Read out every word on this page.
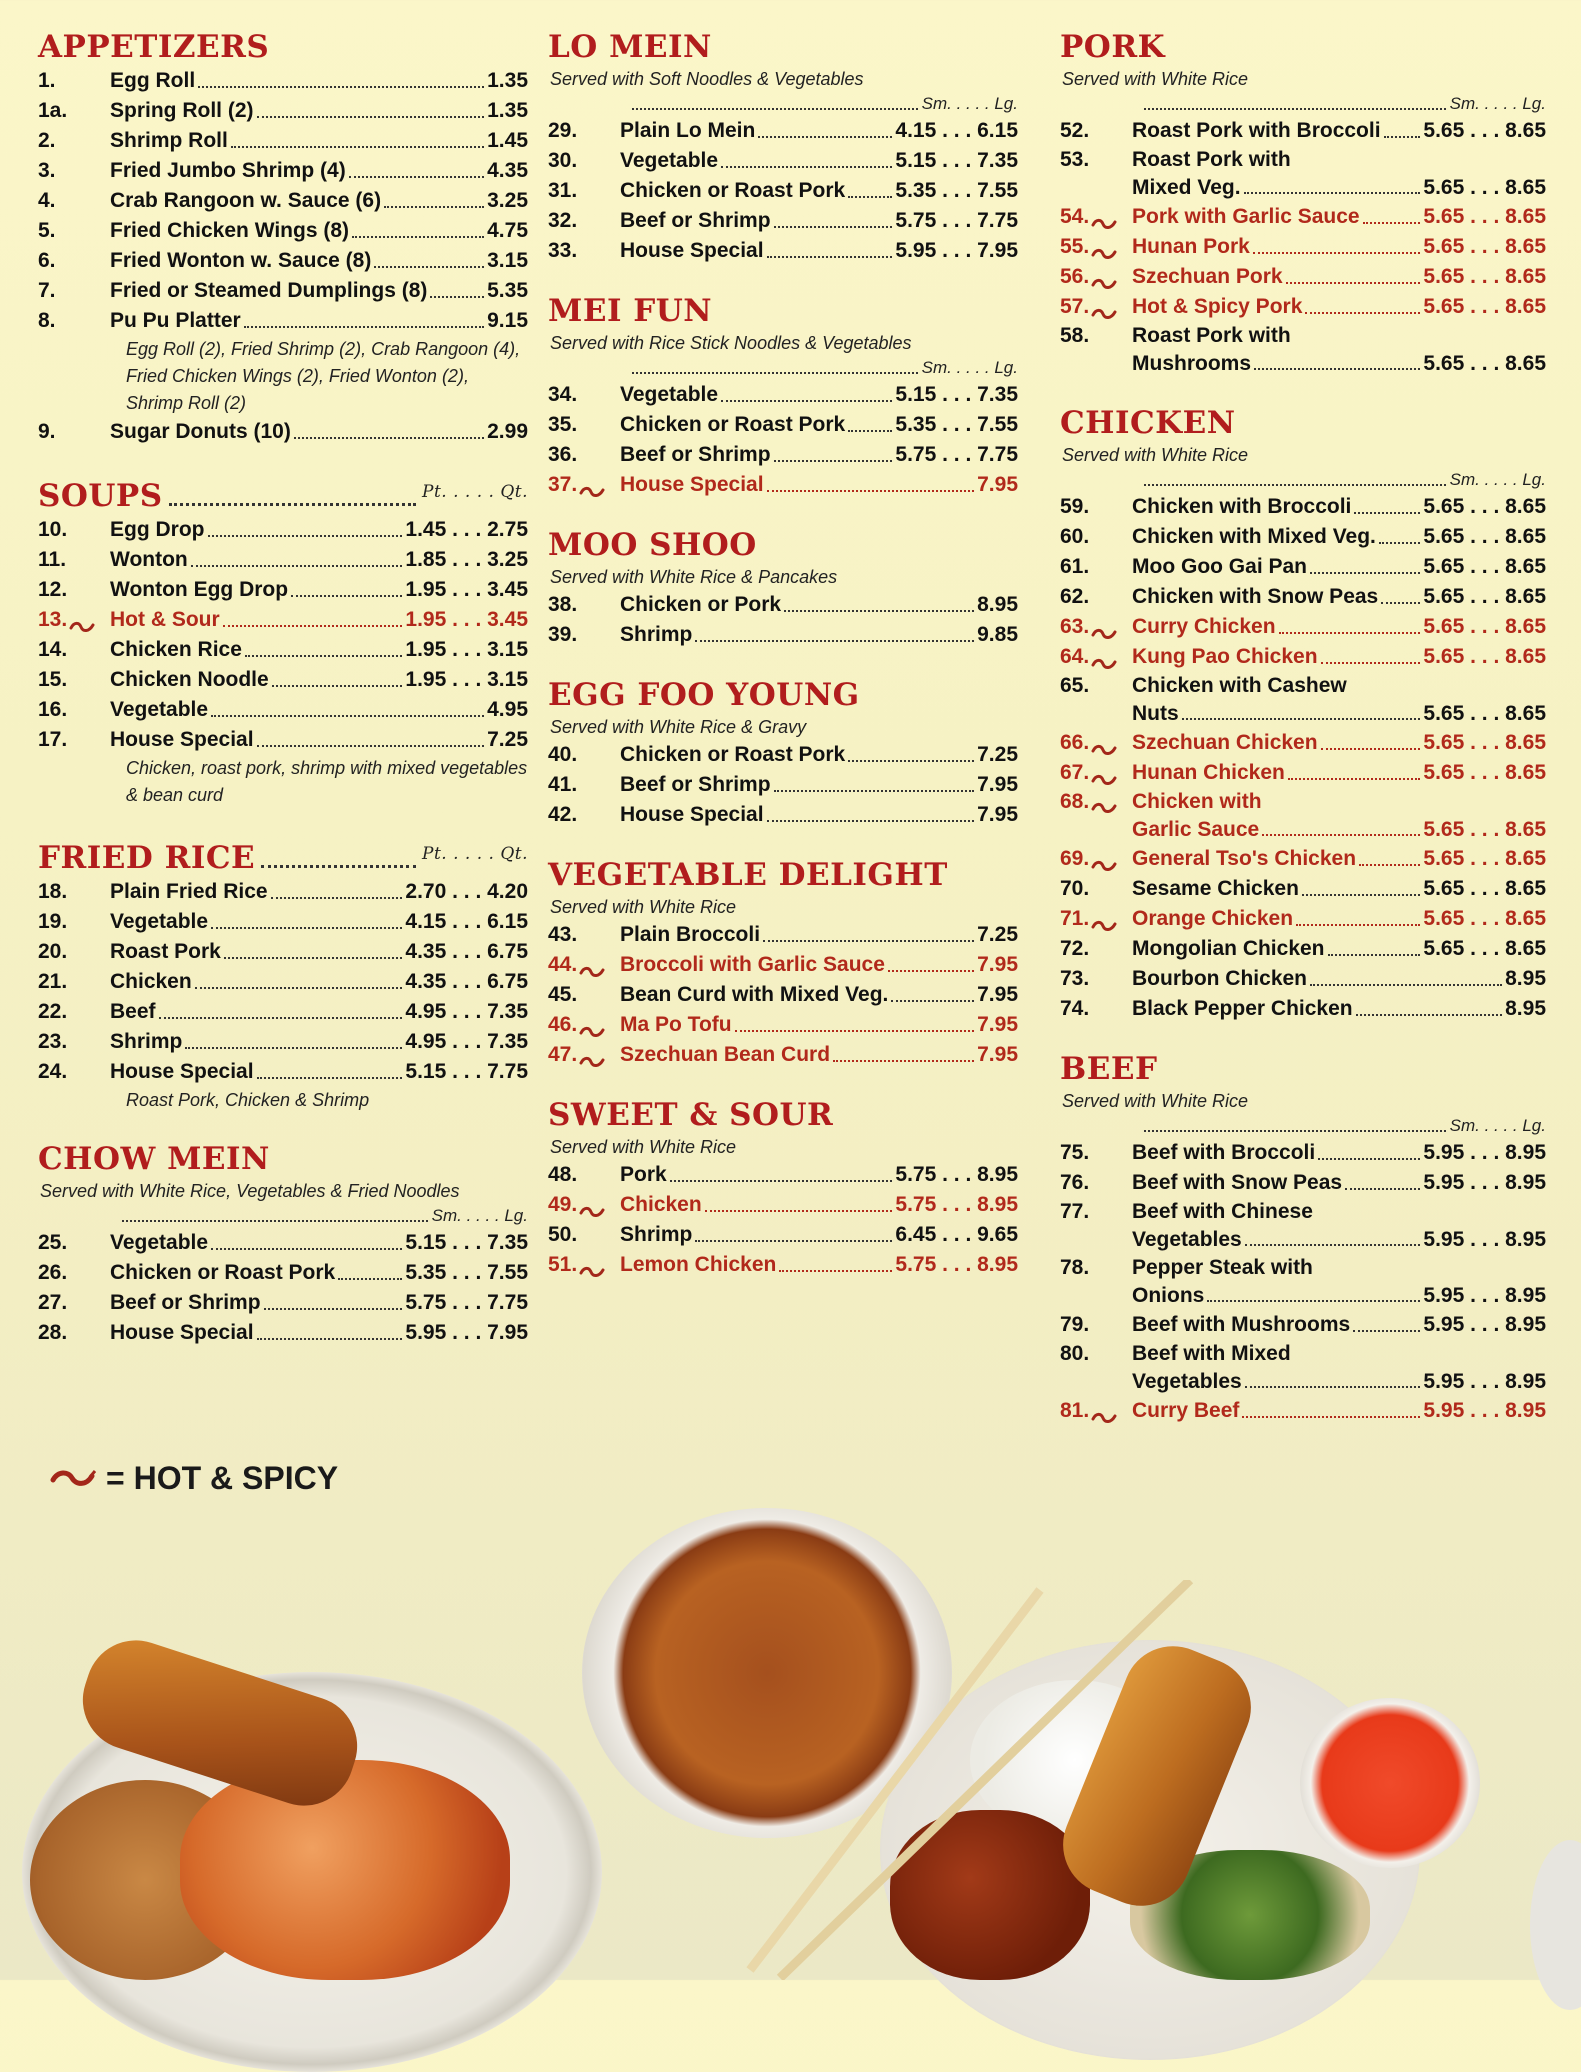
APPETIZERS
1.	Egg Roll	1.35
1a. Spring Roll (2)	1.35
2.	Shrimp Roll	1.45
3.	Fried Jumbo Shrimp (4)	4.35
4.	Crab Rangoon w. Sauce (6)	3.25
5.	Fried Chicken Wings (8)	4.75
6.	Fried Wonton w. Sauce (8)	3.15
7.	Fried or Steamed Dumplings (8)	5.35
8.	Pu Pu Platter	9.15
Egg Roll (2), Fried Shrimp (2), Crab Rangoon (4), Fried Chicken Wings (2), Fried Wonton (2), Shrimp Roll (2)
9.	Sugar Donuts (10)	2.99
SOUPS	Pt. . . . . Qt.
10. Egg Drop	1.45 . . . 2.75
11. Wonton	1.85 . . . 3.25
12. Wonton Egg Drop	1.95 . . . 3.45
13. Hot & Sour	1.95 . . . 3.45
14. Chicken Rice	1.95 . . . 3.15
15. Chicken Noodle	1.95 . . . 3.15
16. Vegetable	4.95
17. House Special	7.25
Chicken, roast pork, shrimp with mixed vegetables & bean curd
FRIED RICE	Pt. . . . . Qt.
18. Plain Fried Rice	2.70 . . . 4.20
19. Vegetable	4.15 . . . 6.15
20. Roast Pork	4.35 . . . 6.75
21. Chicken	4.35 . . . 6.75
22. Beef	4.95 . . . 7.35
23. Shrimp	4.95 . . . 7.35
24. House Special	5.15 . . . 7.75
Roast Pork, Chicken & Shrimp
CHOW MEIN
Served with White Rice, Vegetables & Fried Noodles
Sm. . . . . Lg.
25. Vegetable	5.15 . . . 7.35
26. Chicken or Roast Pork	5.35 . . . 7.55
27. Beef or Shrimp	5.75 . . . 7.75
28. House Special	5.95 . . . 7.95
LO MEIN
Served with Soft Noodles & Vegetables
Sm. . . . . Lg.
29. Plain Lo Mein	4.15 . . . 6.15
30. Vegetable	5.15 . . . 7.35
31. Chicken or Roast Pork 5.35 . . . 7.55
32. Beef or Shrimp	5.75 . . . 7.75
33. House Special	5.95 . . . 7.95
MEI FUN
Served with Rice Stick Noodles & Vegetables
Sm. . . . . Lg.
34. Vegetable	5.15 . . . 7.35
35. Chicken or Roast Pork 5.35 . . . 7.55
36. Beef or Shrimp	5.75 . . . 7.75
37. House Special	7.95
MOO SHOO
Served with White Rice & Pancakes
38. Chicken or Pork	8.95
39. Shrimp	9.85
EGG FOO YOUNG
Served with White Rice & Gravy
40. Chicken or Roast Pork	7.25
41. Beef or Shrimp	7.95
42. House Special	7.95
VEGETABLE DELIGHT
Served with White Rice
43. Plain Broccoli	7.25
44. Broccoli with Garlic Sauce	7.95
45. Bean Curd with Mixed Veg.	7.95
46. Ma Po Tofu	7.95
47. Szechuan Bean Curd	7.95
SWEET & SOUR
Served with White Rice
48. Pork	5.75 . . . 8.95
49. Chicken	5.75 . . . 8.95
50. Shrimp	6.45 . . . 9.65
51. Lemon Chicken	5.75 . . . 8.95
PORK
Served with White Rice
Sm. . . . . Lg.
52. Roast Pork with Broccoli 5.65 . . . 8.65
53. Roast Pork with
Mixed Veg.	5.65 . . . 8.65
54. Pork with Garlic Sauce	5.65 . . . 8.65
55. Hunan Pork	5.65 . . . 8.65
56. Szechuan Pork	5.65 . . . 8.65
57. Hot & Spicy Pork	5.65 . . . 8.65
58. Roast Pork with
Mushrooms	5.65 . . . 8.65
CHICKEN
Served with White Rice
Sm. . . . . Lg.
59. Chicken with Broccoli	5.65 . . . 8.65
60. Chicken with Mixed Veg. 5.65 . . . 8.65
61. Moo Goo Gai Pan	5.65 . . . 8.65
62. Chicken with Snow Peas 5.65 . . . 8.65
63. Curry Chicken	5.65 . . . 8.65
64. Kung Pao Chicken	5.65 . . . 8.65
65. Chicken with Cashew
Nuts	5.65 . . . 8.65
66. Szechuan Chicken	5.65 . . . 8.65
67. Hunan Chicken	5.65 . . . 8.65
68. Chicken with
Garlic Sauce	5.65 . . . 8.65
69. General Tso's Chicken	5.65 . . . 8.65
70. Sesame Chicken	5.65 . . . 8.65
71. Orange Chicken	5.65 . . . 8.65
72. Mongolian Chicken	5.65 . . . 8.65
73. Bourbon Chicken	8.95
74. Black Pepper Chicken	8.95
BEEF
Served with White Rice
Sm. . . . . Lg.
75. Beef with Broccoli	5.95 . . . 8.95
76. Beef with Snow Peas	5.95 . . . 8.95
77. Beef with Chinese
Vegetables	5.95 . . . 8.95
78. Pepper Steak with
Onions	5.95 . . . 8.95
79. Beef with Mushrooms	5.95 . . . 8.95
80. Beef with Mixed
Vegetables	5.95 . . . 8.95
81. Curry Beef	5.95 . . . 8.95
= HOT & SPICY
